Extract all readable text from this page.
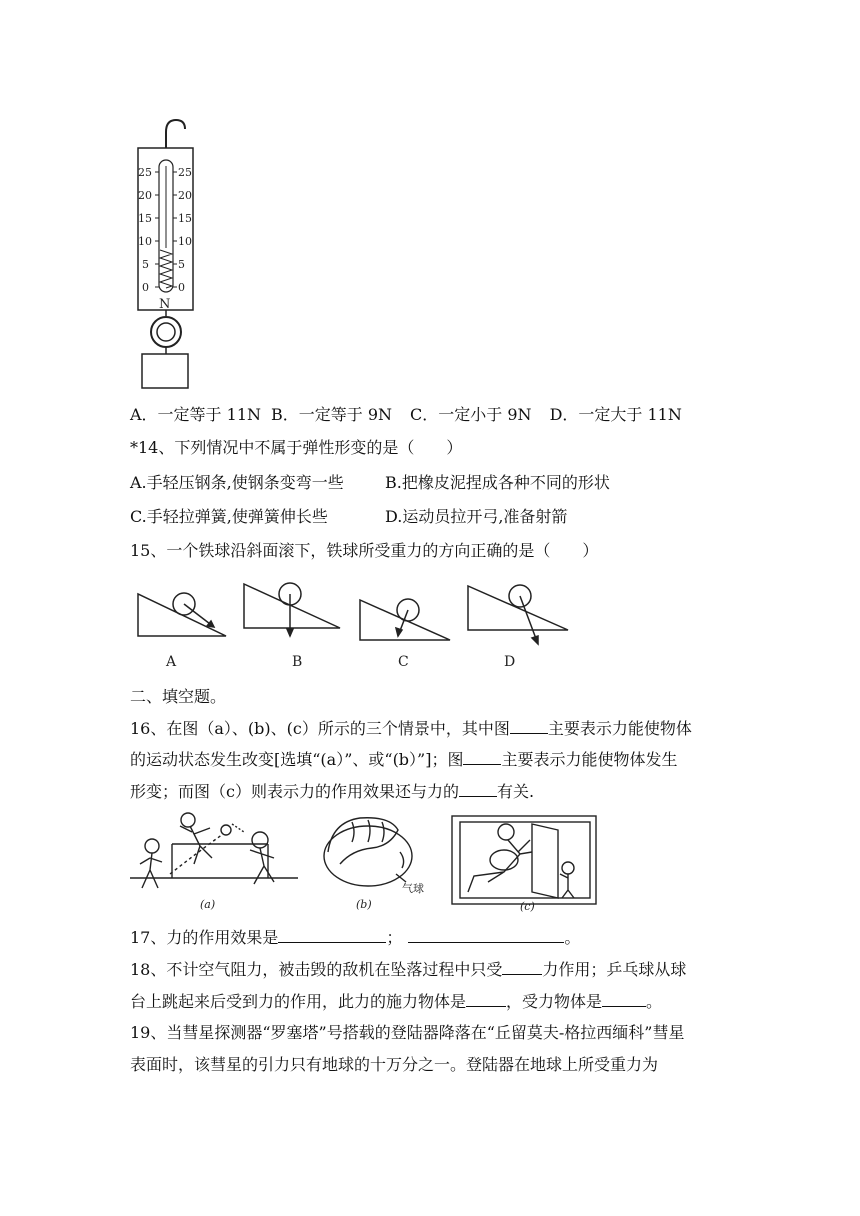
25
20
15
10
5
0
25
20
15
10
5
0
N
A．一定等于 11N B．一定等于 9N C．一定小于 9N D．一定大于 11N
*14、下列情况中不属于弹性形变的是（　　）
A.手轻压钢条,使钢条变弯一些	B.把橡皮泥捏成各种不同的形状
C.手轻拉弹簧,使弹簧伸长些	D.运动员拉开弓,准备射箭
15、一个铁球沿斜面滚下，铁球所受重力的方向正确的是（　　）
A	B	C	D
二、填空题。
16、在图（a）、(b)、(c）所示的三个情景中，其中图 主要表示力能使物体
的运动状态发生改变[选填“(a）”、或“(b）”]；图 主要表示力能使物体发生
形变；而图（c）则表示力的作用效果还与力的 有关.
(a)	(b)	(c)
气球
17、力的作用效果是	；	。
18、不计空气阻力，被击毁的敌机在坠落过程中只受	力作用；乒乓球从球
台上跳起来后受到力的作用，此力的施力物体是	，受力物体是	。
19、当彗星探测器“罗塞塔”号搭载的登陆器降落在“丘留莫夫-格拉西缅科”彗星
表面时，该彗星的引力只有地球的十万分之一。登陆器在地球上所受重力为
